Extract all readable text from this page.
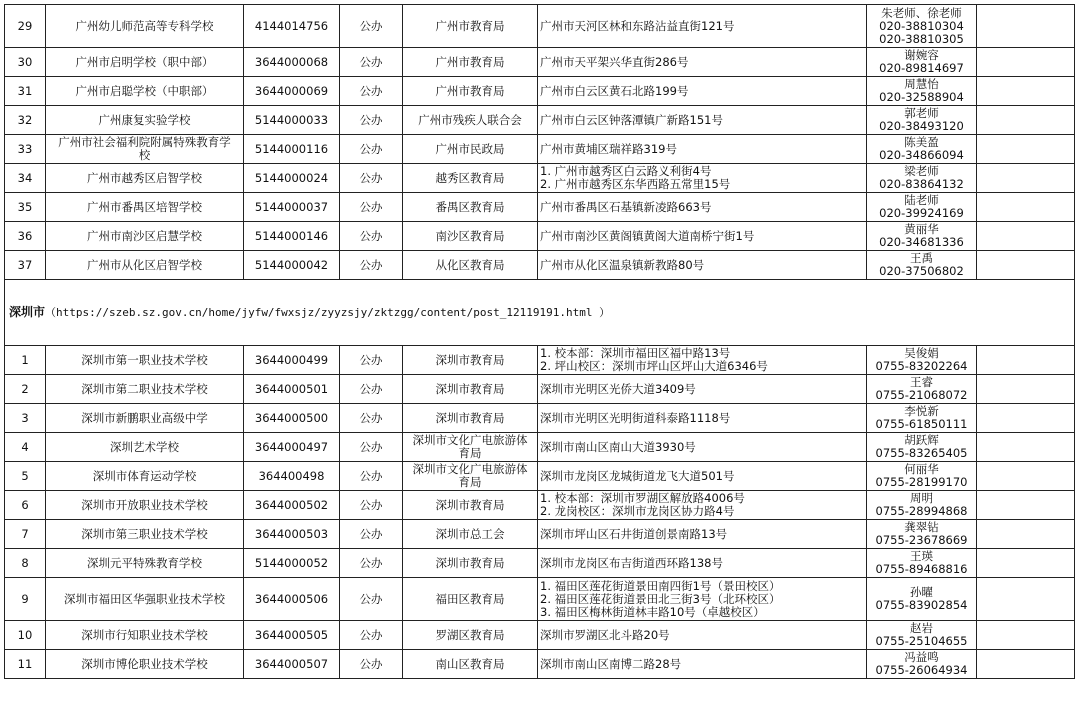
29	广州幼儿师范高等专科学校	4144014756	公办	广州市教育局	广州市天河区林和东路沾益直街121号	朱老师、徐老师
020-38810304
020-38810305	

30	广州市启明学校（职中部）	3644000068	公办	广州市教育局	广州市天平架兴华直街286号	谢婉容
020-89814697	

31	广州市启聪学校（中职部）	3644000069	公办	广州市教育局	广州市白云区黄石北路199号	周慧怡
020-32588904	

32	广州康复实验学校	5144000033	公办	广州市残疾人联合会	广州市白云区钟落潭镇广新路151号	郭老师
020-38493120	

33	广州市社会福利院附属特殊教育学
校	5144000116	公办	广州市民政局	广州市黄埔区瑞祥路319号	陈美盈
020-34866094	

34	广州市越秀区启智学校	5144000024	公办	越秀区教育局	1. 广州市越秀区白云路义利街4号
2. 广州市越秀区东华西路五常里15号	梁老师
020-83864132	

35	广州市番禺区培智学校	5144000037	公办	番禺区教育局	广州市番禺区石基镇新凌路663号	陆老师
020-39924169	

36	广州市南沙区启慧学校	5144000146	公办	南沙区教育局	广州市南沙区黄阁镇黄阁大道南桥宁街1号	黄丽华
020-34681336	

37	广州市从化区启智学校	5144000042	公办	从化区教育局	广州市从化区温泉镇新教路80号	王禹
020-37506802	

深圳市（https://szeb.sz.gov.cn/home/jyfw/fwxsjz/zyyzsjy/zktzgg/content/post_12119191.html ）							
1	深圳市第一职业技术学校	3644000499	公办	深圳市教育局	1. 校本部：深圳市福田区福中路13号
2. 坪山校区：深圳市坪山区坪山大道6346号	吴俊娟
0755-83202264	

2	深圳市第二职业技术学校	3644000501	公办	深圳市教育局	深圳市光明区光侨大道3409号	王睿
0755-21068072	

3	深圳市新鹏职业高级中学	3644000500	公办	深圳市教育局	深圳市光明区光明街道科泰路1118号	李悦新
0755-61850111	

4	深圳艺术学校	3644000497	公办	深圳市文化广电旅游体
育局	深圳市南山区南山大道3930号	胡跃辉
0755-83265405	

5	深圳市体育运动学校	364400498	公办	深圳市文化广电旅游体
育局	深圳市龙岗区龙城街道龙飞大道501号	何丽华
0755-28199170	

6	深圳市开放职业技术学校	3644000502	公办	深圳市教育局	1. 校本部：深圳市罗湖区解放路4006号
2. 龙岗校区：深圳市龙岗区协力路4号	周明
0755-28994868	

7	深圳市第三职业技术学校	3644000503	公办	深圳市总工会	深圳市坪山区石井街道创景南路13号	龚翠钻
0755-23678669	

8	深圳元平特殊教育学校	5144000052	公办	深圳市教育局	深圳市龙岗区布吉街道西环路138号	王瑛
0755-89468816	

9	深圳市福田区华强职业技术学校	3644000506	公办	福田区教育局	1. 福田区莲花街道景田南四街1号（景田校区）
2. 福田区莲花街道景田北三街3号（北环校区）
3. 福田区梅林街道林丰路10号（卓越校区）	孙曜
0755-83902854	

10	深圳市行知职业技术学校	3644000505	公办	罗湖区教育局	深圳市罗湖区北斗路20号	赵岩
0755-25104655	

11	深圳市博伦职业技术学校	3644000507	公办	南山区教育局	深圳市南山区南博二路28号	冯益鸣
0755-26064934	
